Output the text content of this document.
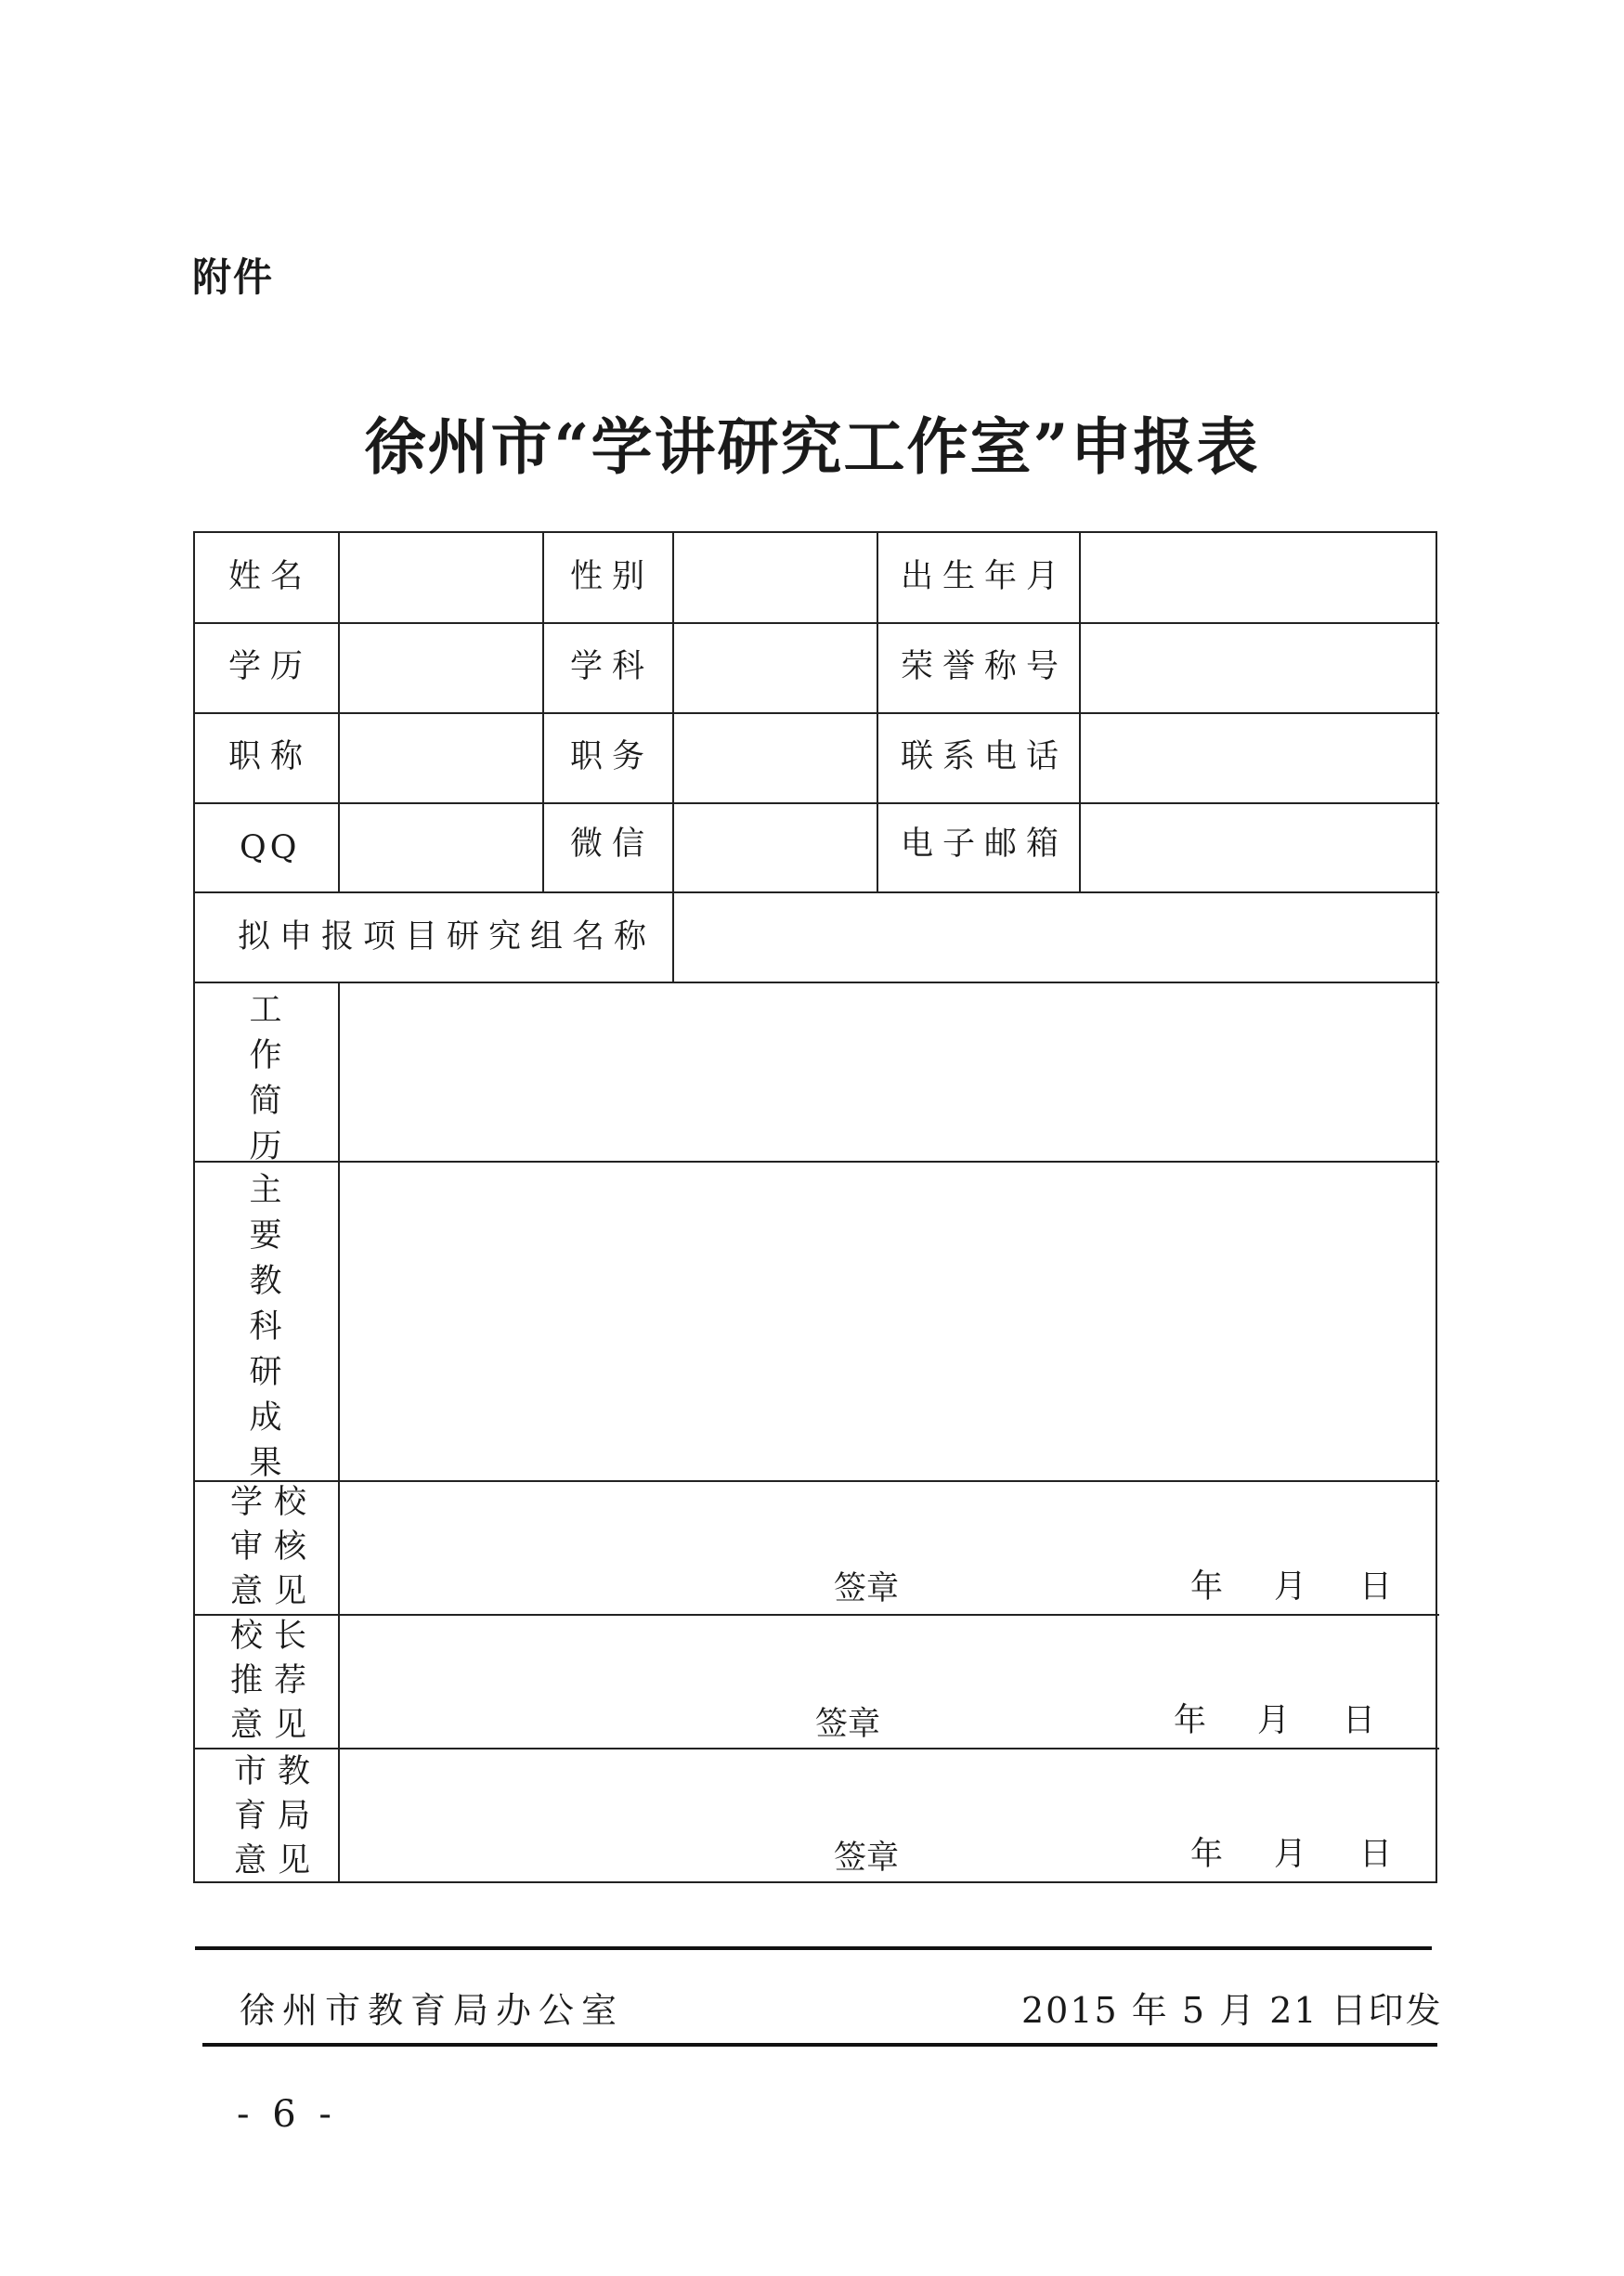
附件
徐州市“学讲研究工作室”申报表
姓名	性别	出生年月
学历	学科	荣誉称号
职称	职务	联系电话
QQ	微信	电子邮箱
拟申报项目研究组名称
工作简历
主要教科研成果
学校
审核
意见	签章	年 月 日
校长
推荐
意见	签章	年 月 日
市教
育局
意见	签章	年 月 日
徐州市教育局办公室	2015 年 5 月 21 日印发
- 6 -
